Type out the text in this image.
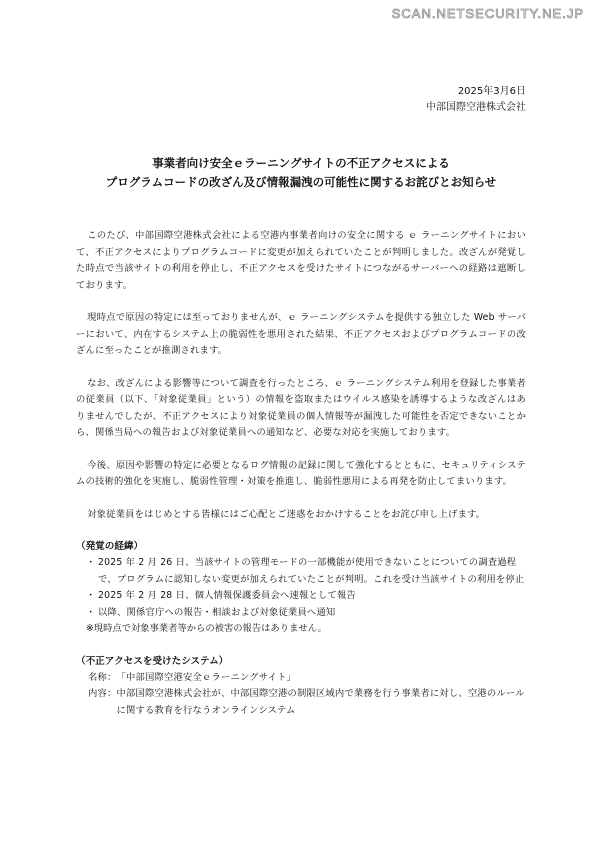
SCAN.NETSECURITY.NE.JP
2025年3月6日
中部国際空港株式会社
事業者向け安全ｅラーニングサイトの不正アクセスによる
プログラムコードの改ざん及び情報漏洩の可能性に関するお詫びとお知らせ

このたび、中部国際空港株式会社による空港内事業者向けの安全に関する ｅ ラーニングサイトにおいて、不正アクセスによりプログラムコードに変更が加えられていたことが判明しました。改ざんが発覚した時点で当該サイトの利用を停止し、不正アクセスを受けたサイトにつながるサーバーへの経路は遮断しております。

現時点で原因の特定には至っておりませんが、ｅ ラーニングシステムを提供する独立した Web サーバーにおいて、内在するシステム上の脆弱性を悪用された結果、不正アクセスおよびプログラムコードの改ざんに至ったことが推測されます。

なお、改ざんによる影響等について調査を行ったところ、ｅ ラーニングシステム利用を登録した事業者の従業員（以下、「対象従業員」という）の情報を盗取またはウイルス感染を誘導するような改ざんはありませんでしたが、不正アクセスにより対象従業員の個人情報等が漏洩した可能性を否定できないことから、関係当局への報告および対象従業員への通知など、必要な対応を実施しております。

今後、原因や影響の特定に必要となるログ情報の記録に関して強化するとともに、セキュリティシステムの技術的強化を実施し、脆弱性管理・対策を推進し、脆弱性悪用による再発を防止してまいります。

対象従業員をはじめとする皆様にはご心配とご迷惑をおかけすることをお詫び申し上げます。

（発覚の経緯）
・ 2025 年 2 月 26 日、当該サイトの管理モードの一部機能が使用できないことについての調査過程で、プログラムに認知しない変更が加えられていたことが判明。これを受け当該サイトの利用を停止
・ 2025 年 2 月 28 日、個人情報保護委員会へ速報として報告
・ 以降、関係官庁への報告・相談および対象従業員へ通知
※現時点で対象事業者等からの被害の報告はありません。
（不正アクセスを受けたシステム）
名称： 「中部国際空港安全ｅラーニングサイト」
内容： 中部国際空港株式会社が、中部国際空港の制限区域内で業務を行う事業者に対し、空港のルールに関する教育を行なうオンラインシステム
